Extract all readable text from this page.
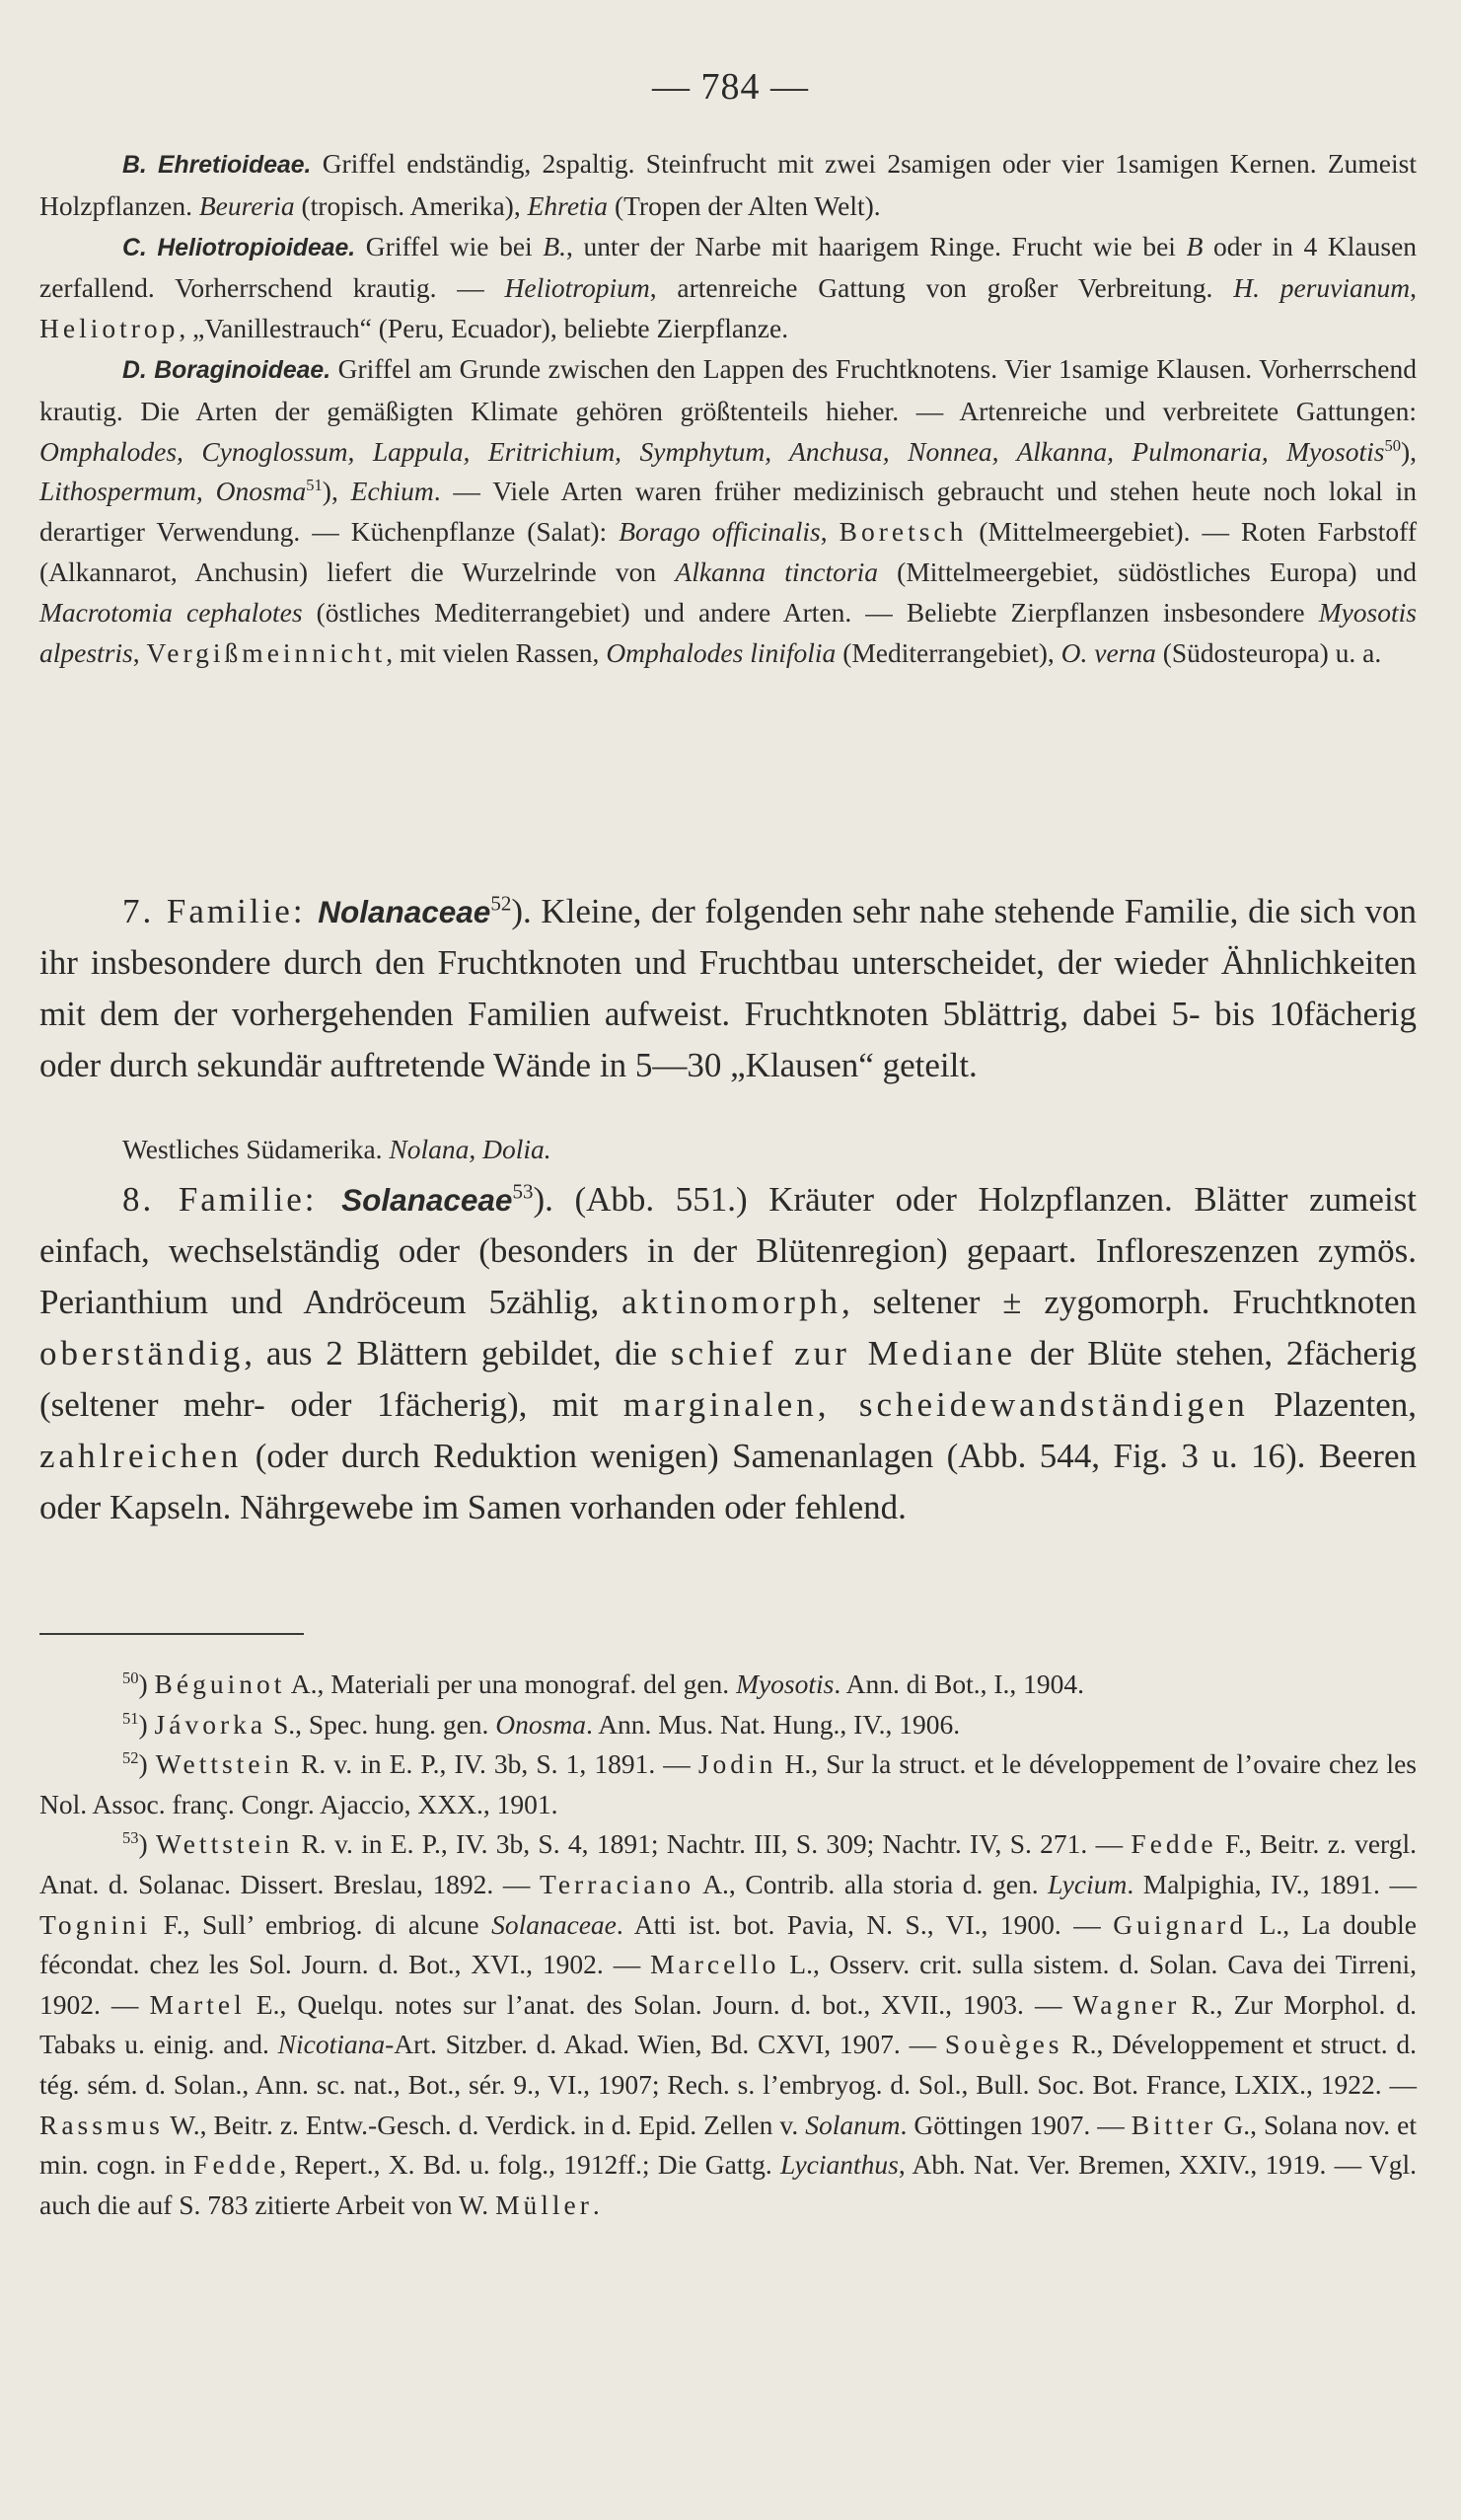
— 784 —

B. Ehretioideae. Griffel endständig, 2spaltig. Steinfrucht mit zwei 2samigen oder vier 1samigen Kernen. Zumeist Holzpflanzen. Beureria (tropisch. Amerika), Ehretia (Tropen der Alten Welt).

C. Heliotropioideae. Griffel wie bei B., unter der Narbe mit haarigem Ringe. Frucht wie bei B oder in 4 Klausen zerfallend. Vorherrschend krautig. — Heliotropium, artenreiche Gattung von großer Verbreitung. H. peruvianum, Heliotrop, „Vanillestrauch“ (Peru, Ecuador), beliebte Zierpflanze.

D. Boraginoideae. Griffel am Grunde zwischen den Lappen des Fruchtknotens. Vier 1samige Klausen. Vorherrschend krautig. Die Arten der gemäßigten Klimate gehören größtenteils hieher. — Artenreiche und verbreitete Gattungen: Omphalodes, Cynoglossum, Lappula, Eritrichium, Symphytum, Anchusa, Nonnea, Alkanna, Pulmonaria, Myosotis$^{50}$), Lithospermum, Onosma$^{51}$), Echium. — Viele Arten waren früher medizinisch gebraucht und stehen heute noch lokal in derartiger Verwendung. — Küchenpflanze (Salat): Borago officinalis, Boretsch (Mittelmeergebiet). — Roten Farbstoff (Alkannarot, Anchusin) liefert die Wurzelrinde von Alkanna tinctoria (Mittelmeergebiet, südöstliches Europa) und Macrotomia cephalotes (östliches Mediterrangebiet) und andere Arten. — Beliebte Zierpflanzen insbesondere Myosotis alpestris, Vergißmeinnicht, mit vielen Rassen, Omphalodes linifolia (Mediterrangebiet), O. verna (Südosteuropa) u. a.

7. Familie: Nolanaceae$^{52}$). Kleine, der folgenden sehr nahe stehende Familie, die sich von ihr insbesondere durch den Fruchtknoten und Fruchtbau unterscheidet, der wieder Ähnlichkeiten mit dem der vorhergehenden Familien aufweist. Fruchtknoten 5blättrig, dabei 5- bis 10fächerig oder durch sekundär auftretende Wände in 5—30 „Klausen“ geteilt.

Westliches Südamerika. Nolana, Dolia.

8. Familie: Solanaceae$^{53}$). (Abb. 551.) Kräuter oder Holzpflanzen. Blätter zumeist einfach, wechselständig oder (besonders in der Blütenregion) gepaart. Infloreszenzen zymös. Perianthium und Andröceum 5zählig, aktinomorph, seltener ± zygomorph. Fruchtknoten oberständig, aus 2 Blättern gebildet, die schief zur Mediane der Blüte stehen, 2fächerig (seltener mehr- oder 1fächerig), mit marginalen, scheidewandständigen Plazenten, zahlreichen (oder durch Reduktion wenigen) Samenanlagen (Abb. 544, Fig. 3 u. 16). Beeren oder Kapseln. Nährgewebe im Samen vorhanden oder fehlend.

$^{50}$) Béguinot A., Materiali per una monograf. del gen. Myosotis. Ann. di Bot., I., 1904.

$^{51}$) Jávorka S., Spec. hung. gen. Onosma. Ann. Mus. Nat. Hung., IV., 1906.

$^{52}$) Wettstein R. v. in E. P., IV. 3b, S. 1, 1891. — Jodin H., Sur la struct. et le développement de l’ovaire chez les Nol. Assoc. franç. Congr. Ajaccio, XXX., 1901.

$^{53}$) Wettstein R. v. in E. P., IV. 3b, S. 4, 1891; Nachtr. III, S. 309; Nachtr. IV, S. 271. — Fedde F., Beitr. z. vergl. Anat. d. Solanac. Dissert. Breslau, 1892. — Terraciano A., Contrib. alla storia d. gen. Lycium. Malpighia, IV., 1891. — Tognini F., Sull’ embriog. di alcune Solanaceae. Atti ist. bot. Pavia, N. S., VI., 1900. — Guignard L., La double fécondat. chez les Sol. Journ. d. Bot., XVI., 1902. — Marcello L., Osserv. crit. sulla sistem. d. Solan. Cava dei Tirreni, 1902. — Martel E., Quelqu. notes sur l’anat. des Solan. Journ. d. bot., XVII., 1903. — Wagner R., Zur Morphol. d. Tabaks u. einig. and. Nicotiana-Art. Sitzber. d. Akad. Wien, Bd. CXVI, 1907. — Souèges R., Développement et struct. d. tég. sém. d. Solan., Ann. sc. nat., Bot., sér. 9., VI., 1907; Rech. s. l’embryog. d. Sol., Bull. Soc. Bot. France, LXIX., 1922. — Rassmus W., Beitr. z. Entw.-Gesch. d. Verdick. in d. Epid. Zellen v. Solanum. Göttingen 1907. — Bitter G., Solana nov. et min. cogn. in Fedde, Repert., X. Bd. u. folg., 1912ff.; Die Gattg. Lycianthus, Abh. Nat. Ver. Bremen, XXIV., 1919. — Vgl. auch die auf S. 783 zitierte Arbeit von W. Müller.
